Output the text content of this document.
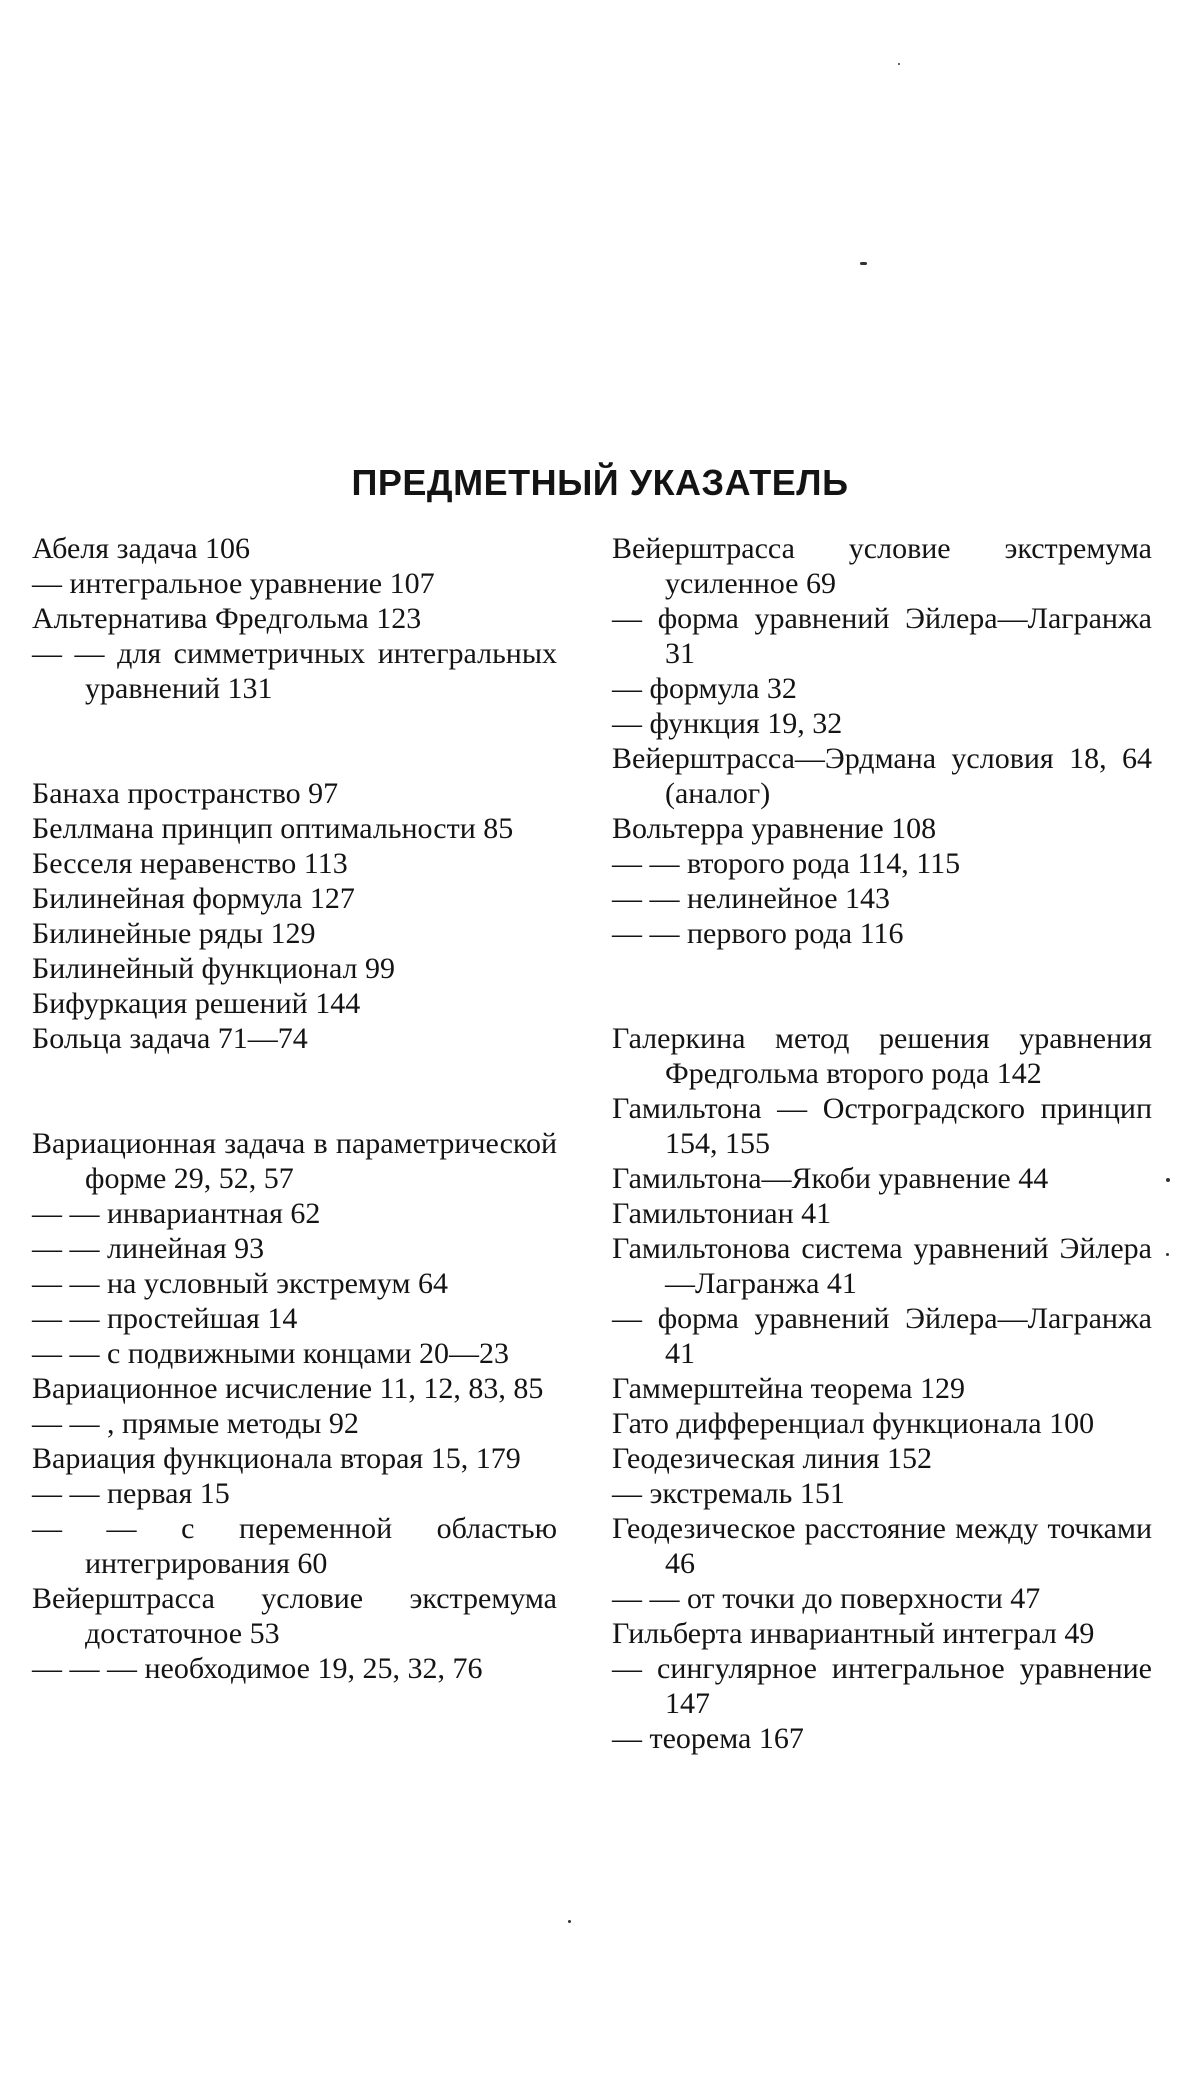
ПРЕДМЕТНЫЙ УКАЗАТЕЛЬ

Абеля задача 106

— интегральное уравнение 107

Альтернатива Фредгольма 123

— — для симметричных интегральных уравнений 131

Банаха пространство 97

Беллмана принцип оптимальности 85

Бесселя неравенство 113

Билинейная формула 127

Билинейные ряды 129

Билинейный функционал 99

Бифуркация решений 144

Больца задача 71—74

Вариационная задача в параметрической форме 29, 52, 57

— — инвариантная 62

— — линейная 93

— — на условный экстремум 64

— — простейшая 14

— — с подвижными концами 20—23

Вариационное исчисление 11, 12, 83, 85

— — , прямые методы 92

Вариация функционала вторая 15, 179

— — первая 15

— — с переменной областью интегрирования 60

Вейерштрасса условие экстремума достаточное 53

— — — необходимое 19, 25, 32, 76

Вейерштрасса условие экстремума усиленное 69

— форма уравнений Эйлера—Лагранжа 31

— формула 32

— функция 19, 32

Вейерштрасса—Эрдмана условия 18, 64 (аналог)

Вольтерра уравнение 108

— — второго рода 114, 115

— — нелинейное 143

— — первого рода 116

Галеркина метод решения уравнения Фредгольма второго рода 142

Гамильтона — Остроградского принцип 154, 155

Гамильтона—Якоби уравнение 44

Гамильтониан 41

Гамильтонова система уравнений Эйлера—Лагранжа 41

— форма уравнений Эйлера—Лагранжа 41

Гаммерштейна теорема 129

Гато дифференциал функционала 100

Геодезическая линия 152

— экстремаль 151

Геодезическое расстояние между точками 46

— — от точки до поверхности 47

Гильберта инвариантный интеграл 49

— сингулярное интегральное уравнение 147

— теорема 167
